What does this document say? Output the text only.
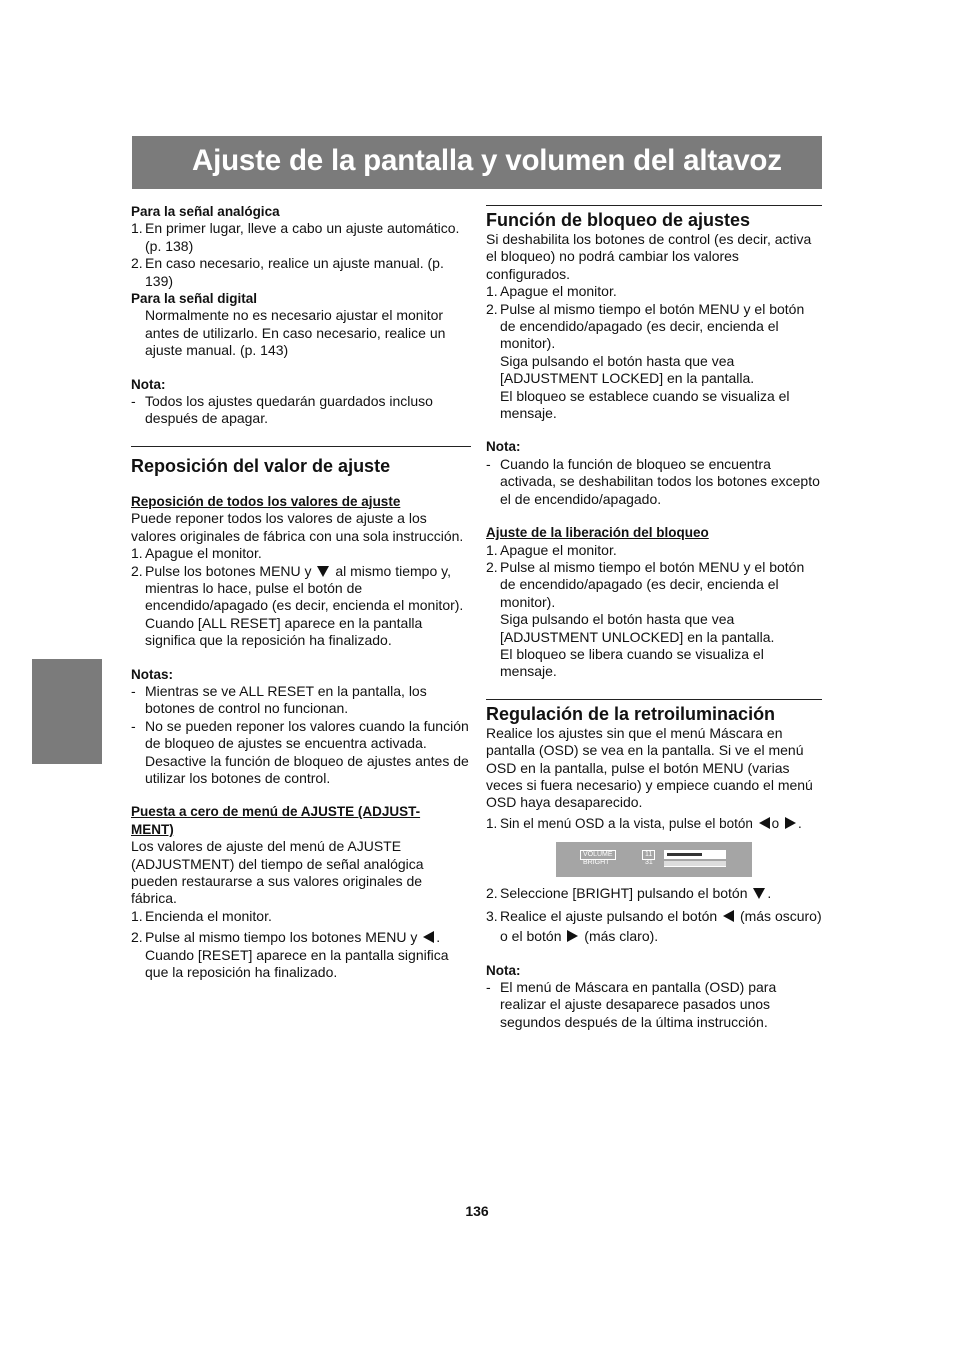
Ajuste de la pantalla y volumen del altavoz

Para la señal analógica

1. En primer lugar, lleve a cabo un ajuste automático. (p. 138)
2. En caso necesario, realice un ajuste manual. (p. 139)

Para la señal digital

Normalmente no es necesario ajustar el monitor antes de utilizarlo. En caso necesario, realice un ajuste manual. (p. 143)

Nota:

- Todos los ajustes quedarán guardados incluso después de apagar.

Reposición del valor de ajuste

Reposición de todos los valores de ajuste

Puede reponer todos los valores de ajuste a los valores originales de fábrica con una sola instrucción.

1. Apague el monitor.
2. Pulse los botones MENU y al mismo tiempo y, mientras lo hace, pulse el botón de encendido/apagado (es decir, encienda el monitor). Cuando [ALL RESET] aparece en la pantalla significa que la reposición ha finalizado.

Notas:

- Mientras se ve ALL RESET en la pantalla, los botones de control no funcionan.
- No se pueden reponer los valores cuando la función de bloqueo de ajustes se encuentra activada. Desactive la función de bloqueo de ajustes antes de utilizar los botones de control.

Puesta a cero de menú de AJUSTE (ADJUST-MENT)

Los valores de ajuste del menú de AJUSTE (ADJUSTMENT) del tiempo de señal analógica pueden restaurarse a sus valores originales de fábrica.

1. Encienda el monitor.
2. Pulse al mismo tiempo los botones MENU y . Cuando [RESET] aparece en la pantalla significa que la reposición ha finalizado.

Función de bloqueo de ajustes

Si deshabilita los botones de control (es decir, activa el bloqueo) no podrá cambiar los valores configurados.

1. Apague el monitor.
2. Pulse al mismo tiempo el botón MENU y el botón de encendido/apagado (es decir, encienda el monitor).

Siga pulsando el botón hasta que vea [ADJUSTMENT LOCKED] en la pantalla.

El bloqueo se establece cuando se visualiza el mensaje.

Nota:

- Cuando la función de bloqueo se encuentra activada, se deshabilitan todos los botones excepto el de encendido/apagado.

Ajuste de la liberación del bloqueo

1. Apague el monitor.
2. Pulse al mismo tiempo el botón MENU y el botón de encendido/apagado (es decir, encienda el monitor).

Siga pulsando el botón hasta que vea [ADJUSTMENT UNLOCKED] en la pantalla.

El bloqueo se libera cuando se visualiza el mensaje.

Regulación de la retroiluminación

Realice los ajustes sin que el menú Máscara en pantalla (OSD) se vea en la pantalla. Si ve el menú OSD en la pantalla, pulse el botón MENU (varias veces si fuera necesario) y empiece cuando el menú OSD haya desaparecido.

1. Sin el menú OSD a la vista, pulse el botón o .
VOLUME
BRIGHT
11
31
2. Seleccione [BRIGHT] pulsando el botón .
3. Realice el ajuste pulsando el botón (más oscuro) o el botón (más claro).

Nota:

- El menú de Máscara en pantalla (OSD) para realizar el ajuste desaparece pasados unos segundos después de la última instrucción.
136
